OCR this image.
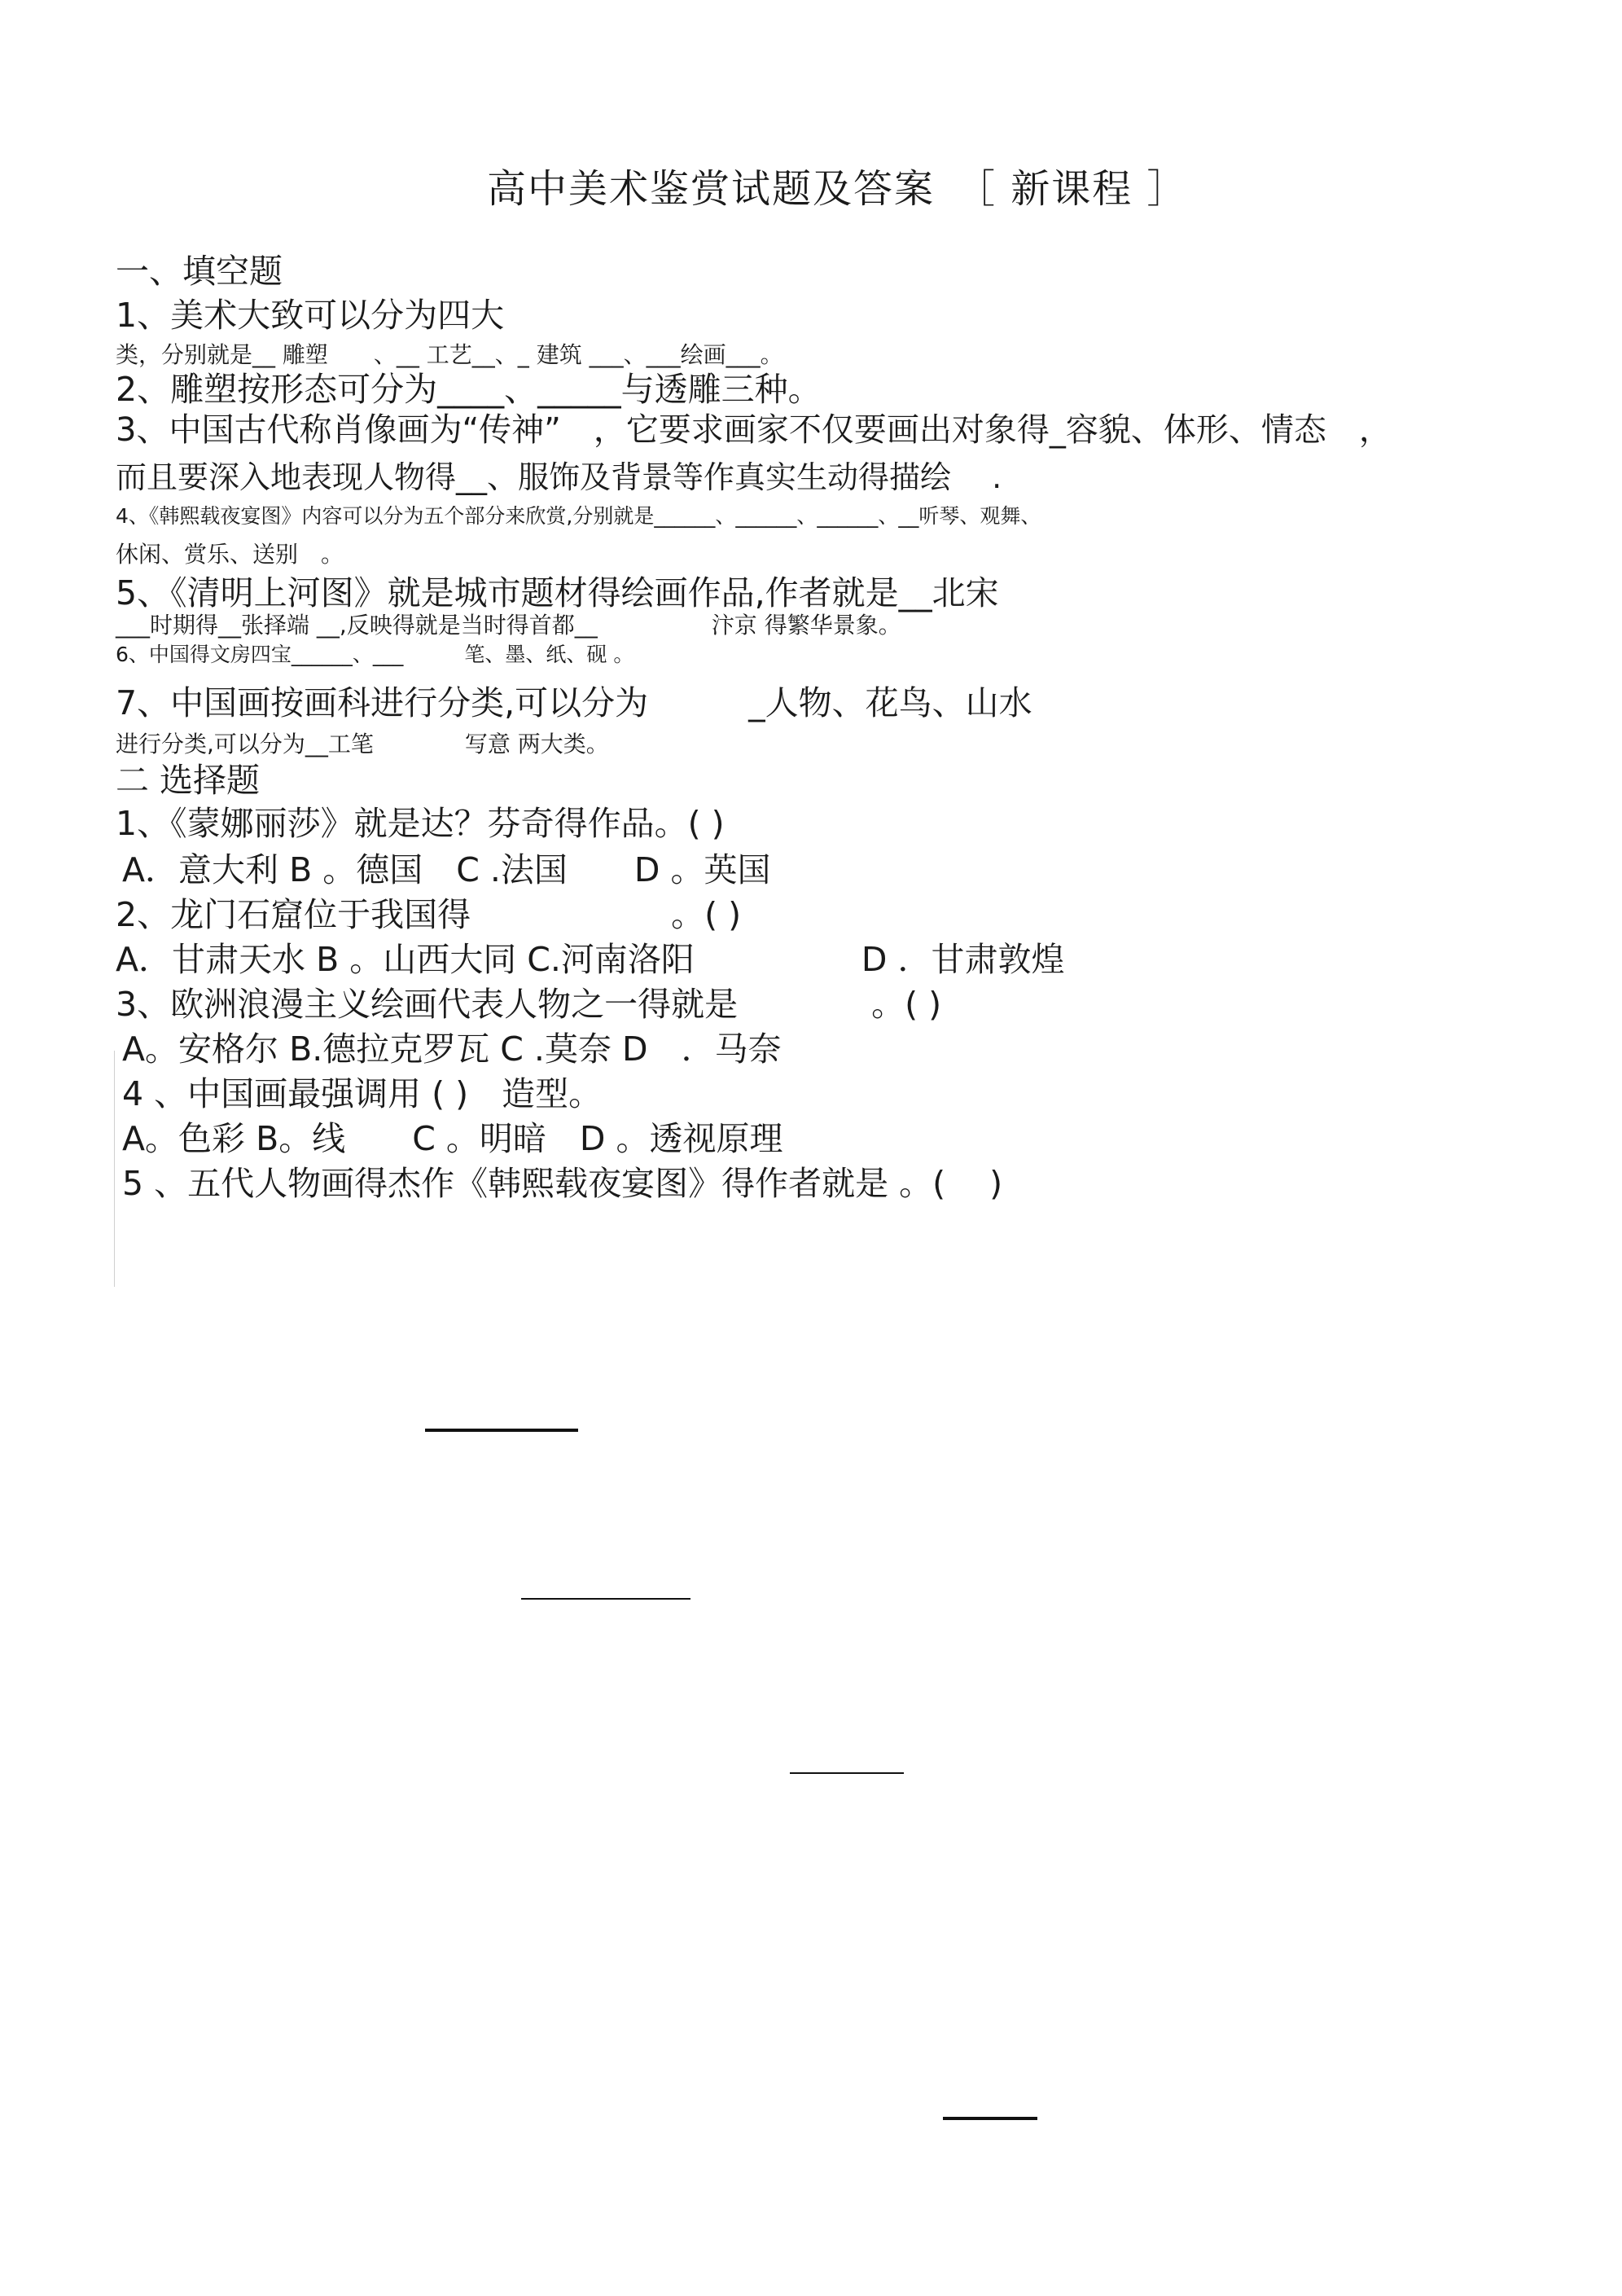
高中美术鉴赏试题及答案　［ 新课程 ］
一、填空题
1、美术大致可以分为四大
类，分别就是__ 雕塑　　、__ 工艺__、_ 建筑 ___、___绘画___。
2、雕塑按形态可分为____、_____与透雕三种。
3、中国古代称肖像画为“传神”　，它要求画家不仅要画出对象得_容貌、体形、情态　，
而且要深入地表现人物得__、服饰及背景等作真实生动得描绘　 .
4、《韩熙载夜宴图》内容可以分为五个部分来欣赏,分别就是______、______、______、__听琴、观舞、
休闲、赏乐、送别　。
5、《清明上河图》就是城市题材得绘画作品,作者就是__北宋
___时期得__张择端 __,反映得就是当时得首都__　　　　　汴京 得繁华景象。
6、中国得文房四宝______、___　　　笔、墨、纸、砚 。
7、中国画按画科进行分类,可以分为　　　_人物、花鸟、山水
进行分类,可以分为__工笔　　　　写意 两大类。
二 选择题
1、《蒙娜丽莎》就是达？芬奇得作品。( )
A．意大利 B 。德国　C .法国　　D 。英国
2、龙门石窟位于我国得　　　　　　。( )
A．甘肃天水 B 。山西大同 C.河南洛阳　　　　　D ．甘肃敦煌
3、欧洲浪漫主义绘画代表人物之一得就是　　　　。( )
A。安格尔 B.德拉克罗瓦 C .莫奈 D　．马奈
4 、中国画最强调用 ( )　造型。
A。色彩 B。线　　C 。明暗　D 。透视原理
5 、五代人物画得杰作《韩熙载夜宴图》得作者就是 。(　 )
